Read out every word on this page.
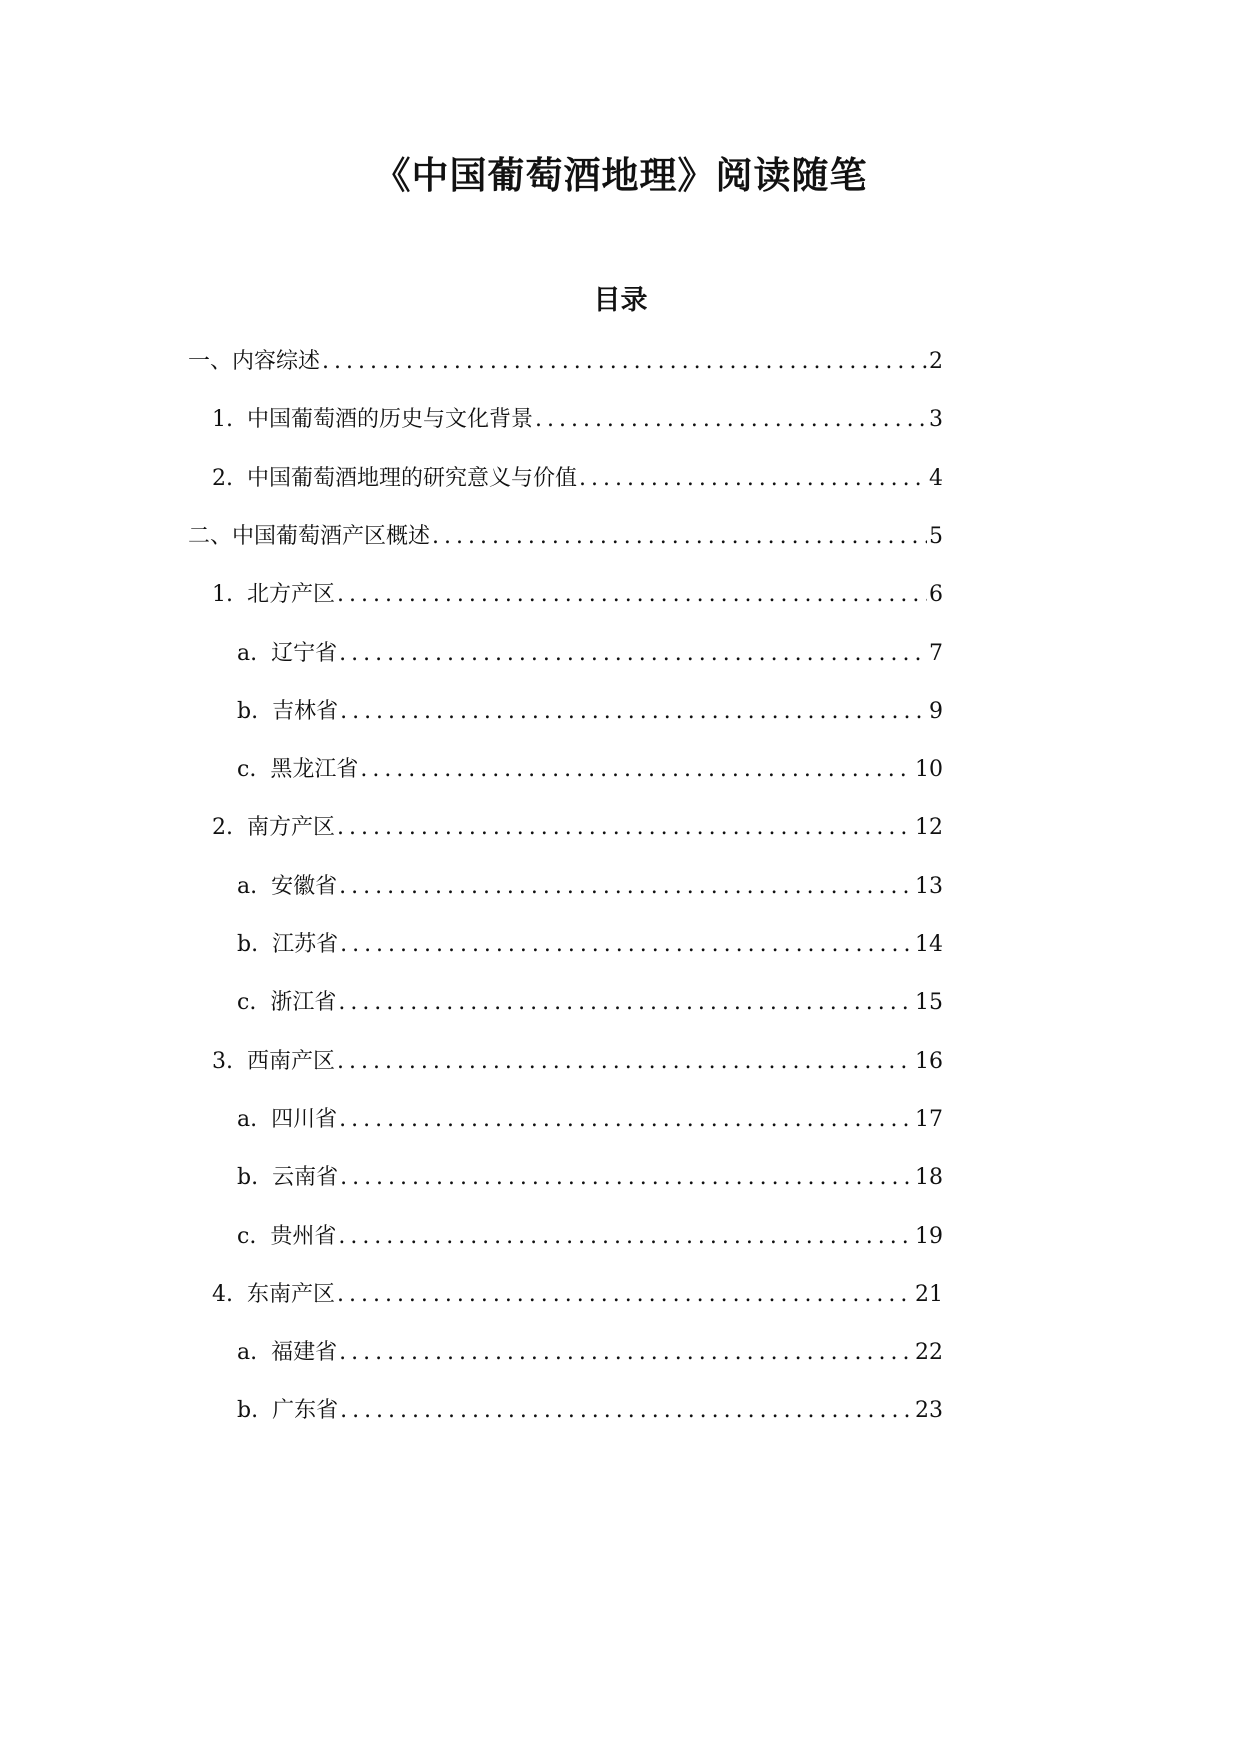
《中国葡萄酒地理》阅读随笔
目录
一、内容综述 . . .	2
1. 中国葡萄酒的历史与文化背景 . . .	3
2. 中国葡萄酒地理的研究意义与价值 . . .	4
二、中国葡萄酒产区概述 . . .	5
1. 北方产区 . . .	6
a. 辽宁省 . . .	7
b. 吉林省 . . .	9
c. 黑龙江省 . . .	10
2. 南方产区 . . .	12
a. 安徽省 . . .	13
b. 江苏省 . . .	14
c. 浙江省 . . .	15
3. 西南产区 . . .	16
a. 四川省 . . .	17
b. 云南省 . . .	18
c. 贵州省 . . .	19
4. 东南产区 . . .	21
a. 福建省 . . .	22
b. 广东省 . . .	23
